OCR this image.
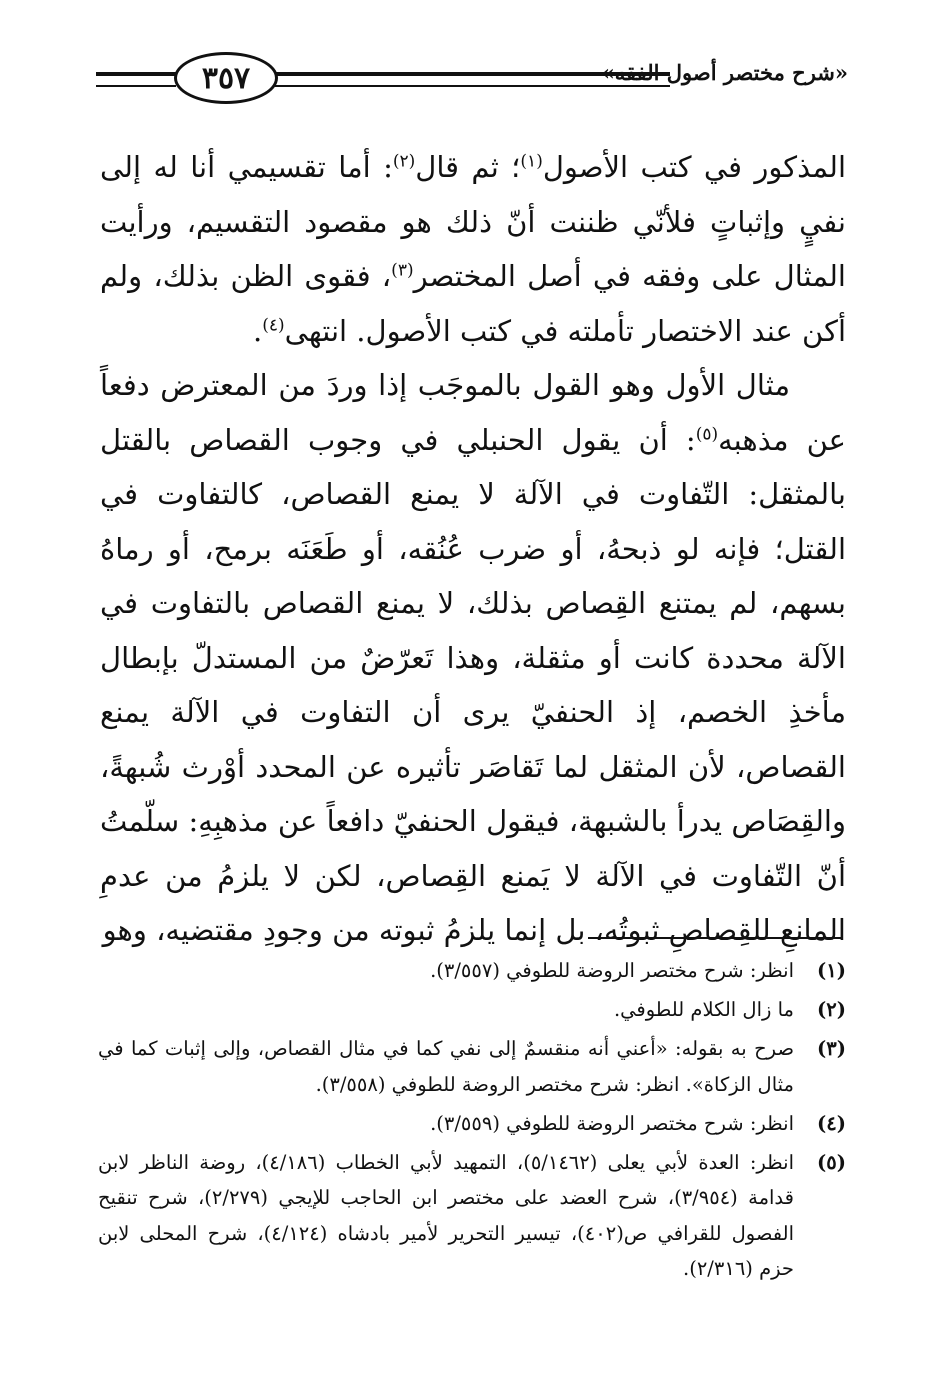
«شرح مختصر أصول الفقه»
٣٥٧

المذكور في كتب الأصول$^{(١)}$؛ ثم قال$^{(٢)}$: أما تقسيمي أنا له إلى نفيٍ وإثباتٍ فلأنّي ظننت أنّ ذلك هو مقصود التقسيم، ورأيت المثال على وفقه في أصل المختصر$^{(٣)}$، فقوى الظن بذلك، ولم أكن عند الاختصار تأملته في كتب الأصول. انتهى$^{(٤)}$.

مثال الأول وهو القول بالموجَب إذا وردَ من المعترض دفعاً عن مذهبه$^{(٥)}$: أن يقول الحنبلي في وجوب القصاص بالقتل بالمثقل: التّفاوت في الآلة لا يمنع القصاص، كالتفاوت في القتل؛ فإنه لو ذبحهُ، أو ضرب عُنُقه، أو طَعَنَه برمح، أو رماهُ بسهم، لم يمتنع القِصاص بذلك، لا يمنع القصاص بالتفاوت في الآلة محددة كانت أو مثقلة، وهذا تَعرّضٌ من المستدلّ بإبطال مأخذِ الخصم، إذ الحنفيّ يرى أن التفاوت في الآلة يمنع القصاص، لأن المثقل لما تَقاصَر تأثيره عن المحدد أوْرث شُبهةً، والقِصَاص يدرأ بالشبهة، فيقول الحنفيّ دافعاً عن مذهبِهِ: سلّمتُ أنّ التّفاوت في الآلة لا يَمنع القِصاص، لكن لا يلزمُ من عدمِ المانعِ للقِصاصِ ثبوتُه، بل إنما يلزمُ ثبوته من وجودِ مقتضيه، وهو

(١)
انظر: شرح مختصر الروضة للطوفي (٣/٥٥٧).
(٢)
ما زال الكلام للطوفي.
(٣)
صرح به بقوله: «أعني أنه منقسمٌ إلى نفي كما في مثال القصاص، وإلى إثبات كما في مثال الزكاة». انظر: شرح مختصر الروضة للطوفي (٣/٥٥٨).
(٤)
انظر: شرح مختصر الروضة للطوفي (٣/٥٥٩).
(٥)
انظر: العدة لأبي يعلى (٥/١٤٦٢)، التمهيد لأبي الخطاب (٤/١٨٦)، روضة الناظر لابن قدامة (٣/٩٥٤)، شرح العضد على مختصر ابن الحاجب للإيجي (٢/٢٧٩)، شرح تنقيح الفصول للقرافي ص(٤٠٢)، تيسير التحرير لأمير بادشاه (٤/١٢٤)، شرح المحلى لابن حزم (٢/٣١٦).
